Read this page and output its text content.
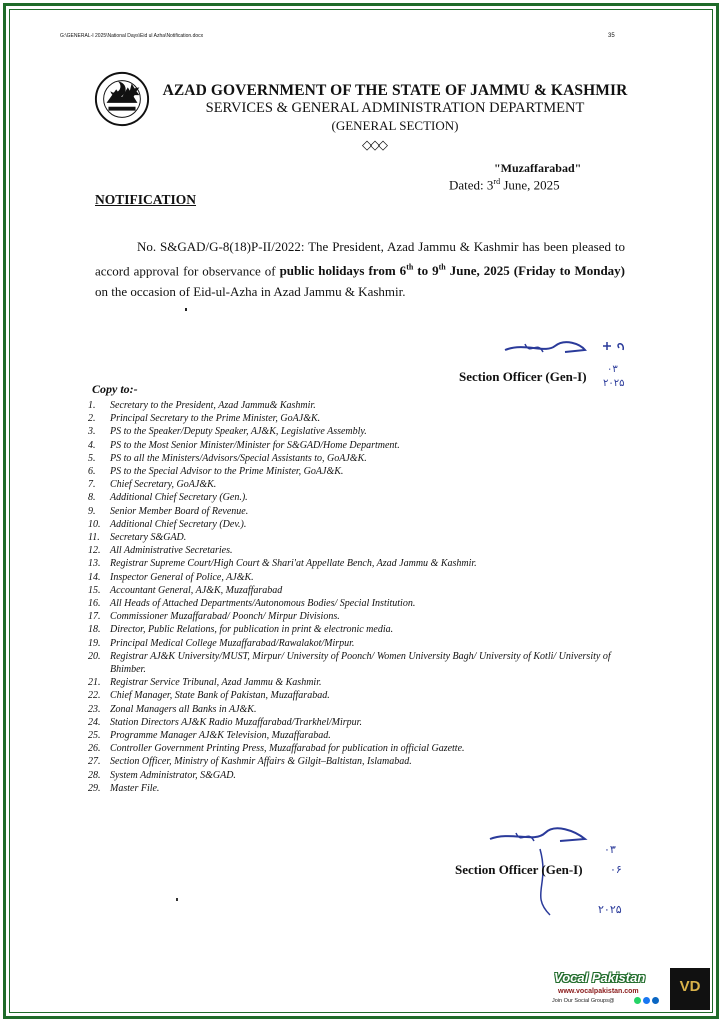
G:\GENERAL-I 2025\National Days\Eid ul Azha\Notification.docx	35
AZAD GOVERNMENT OF THE STATE OF JAMMU & KASHMIR
SERVICES & GENERAL ADMINISTRATION DEPARTMENT
(GENERAL SECTION)
◇◇◇
"Muzaffarabad"
Dated: 3rd June, 2025
NOTIFICATION

No. S&GAD/G-8(18)P-II/2022: The President, Azad Jammu & Kashmir has been pleased to accord approval for observance of public holidays from 6th to 9th June, 2025 (Friday to Monday) on the occasion of Eid-ul-Azha in Azad Jammu & Kashmir.

۰۳
۲۰۲۵
Section Officer (Gen-I)
Copy to:-
1.	Secretary to the President, Azad Jammu& Kashmir.
2.	Principal Secretary to the Prime Minister, GoAJ&K.
3.	PS to the Speaker/Deputy Speaker, AJ&K, Legislative Assembly.
4.	PS to the Most Senior Minister/Minister for S&GAD/Home Department.
5.	PS to all the Ministers/Advisors/Special Assistants to, GoAJ&K.
6.	PS to the Special Advisor to the Prime Minister, GoAJ&K.
7.	Chief Secretary, GoAJ&K.
8.	Additional Chief Secretary (Gen.).
9.	Senior Member Board of Revenue.
10. Additional Chief Secretary (Dev.).
11.	Secretary S&GAD.
12. All Administrative Secretaries.
13. Registrar Supreme Court/High Court & Shari'at Appellate Bench, Azad Jammu & Kashmir.
14. Inspector General of Police, AJ&K.
15. Accountant General, AJ&K, Muzaffarabad
16. All Heads of Attached Departments/Autonomous Bodies/ Special Institution.
17. Commissioner Muzaffarabad/ Poonch/ Mirpur Divisions.
18. Director, Public Relations, for publication in print & electronic media.
19. Principal Medical College Muzaffarabad/Rawalakot/Mirpur.
20. Registrar AJ&K University/MUST, Mirpur/ University of Poonch/ Women University Bagh/ University of Kotli/ University of Bhimber.
21. Registrar Service Tribunal, Azad Jammu & Kashmir.
22. Chief Manager, State Bank of Pakistan, Muzaffarabad.
23. Zonal Managers all Banks in AJ&K.
24. Station Directors AJ&K Radio Muzaffarabad/Trarkhel/Mirpur.
25. Programme Manager AJ&K Television, Muzaffarabad.
26. Controller Government Printing Press, Muzaffarabad for publication in official Gazette.
27. Section Officer, Ministry of Kashmir Affairs & Gilgit–Baltistan, Islamabad.
28. System Administrator, S&GAD.
29. Master File.
۰۳
۰۶
۲۰۲۵
Section Officer (Gen-I)
Vocal Pakistan
www.vocalpakistan.com
Join Our Social Groups@
VD
